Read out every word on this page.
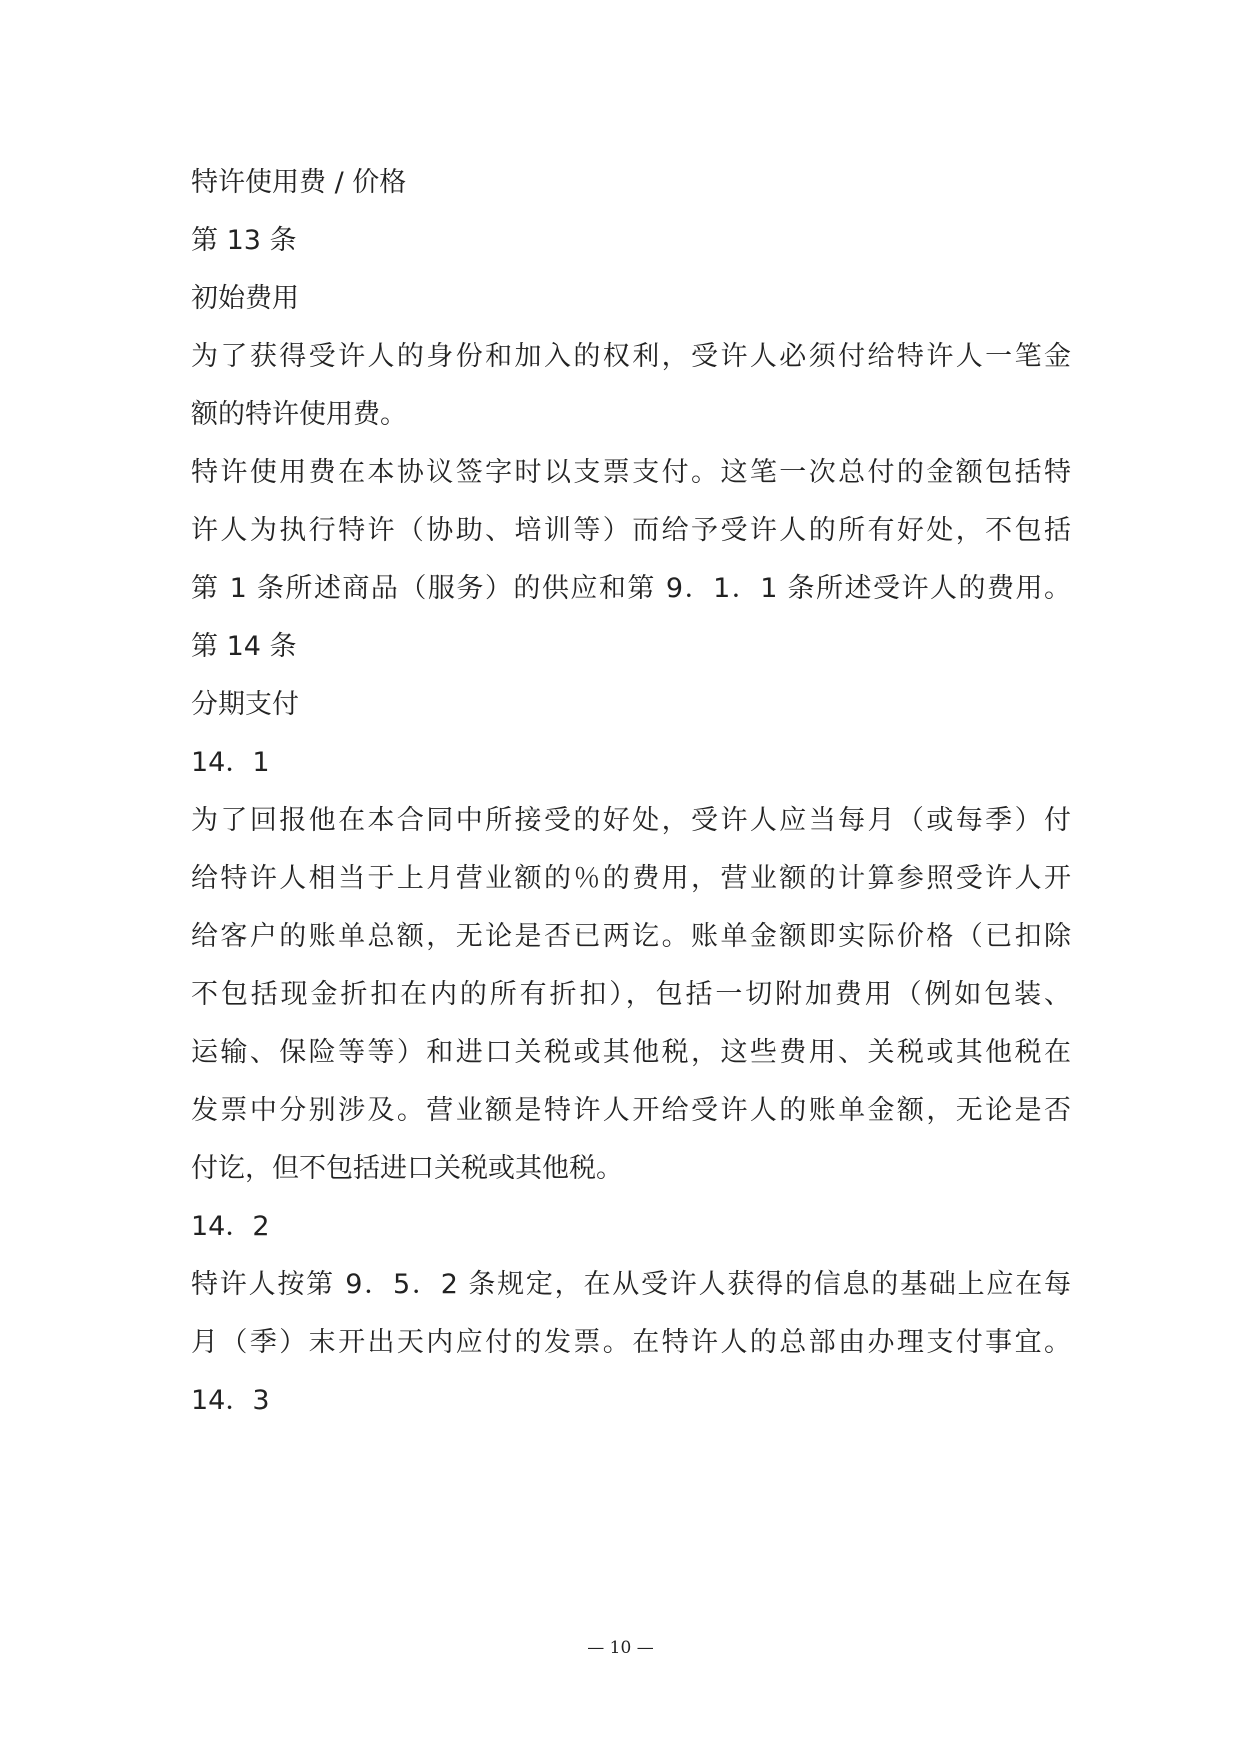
特许使用费 / 价格
第 13 条
初始费用
为了获得受许人的身份和加入的权利，受许人必须付给特许人一笔金
额的特许使用费。
特许使用费在本协议签字时以支票支付。这笔一次总付的金额包括特
许人为执行特许（协助、培训等）而给予受许人的所有好处，不包括
第 1 条所述商品（服务）的供应和第 9．1．1 条所述受许人的费用。
第 14 条
分期支付
14．1
为了回报他在本合同中所接受的好处，受许人应当每月（或每季）付
给特许人相当于上月营业额的％的费用，营业额的计算参照受许人开
给客户的账单总额，无论是否已两讫。账单金额即实际价格（已扣除
不包括现金折扣在内的所有折扣），包括一切附加费用（例如包装、
运输、保险等等）和进口关税或其他税，这些费用、关税或其他税在
发票中分别涉及。营业额是特许人开给受许人的账单金额，无论是否
付讫，但不包括进口关税或其他税。
14．2
特许人按第 9．5．2 条规定，在从受许人获得的信息的基础上应在每
月（季）末开出天内应付的发票。在特许人的总部由办理支付事宜。
14．3
— 10 —
